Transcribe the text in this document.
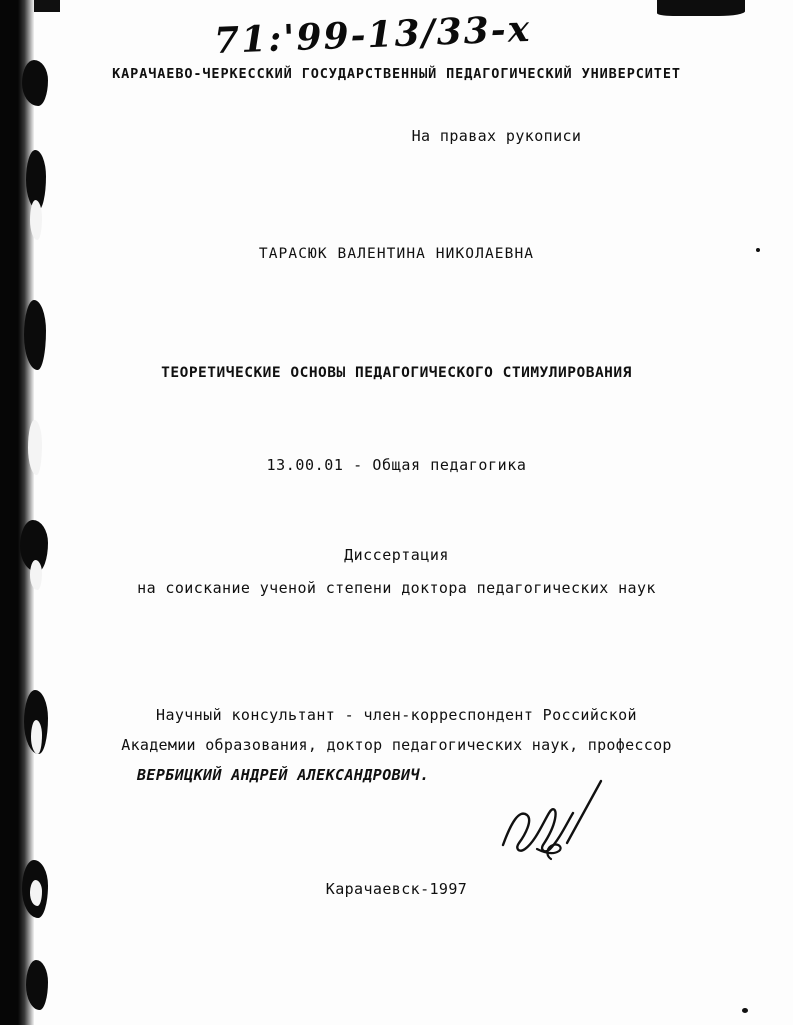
71:'99-13/33-x
КАРАЧАЕВО-ЧЕРКЕССКИЙ ГОСУДАРСТВЕННЫЙ ПЕДАГОГИЧЕСКИЙ УНИВЕРСИТЕТ
На правах рукописи
ТАРАСЮК ВАЛЕНТИНА НИКОЛАЕВНА
ТЕОРЕТИЧЕСКИЕ ОСНОВЫ ПЕДАГОГИЧЕСКОГО СТИМУЛИРОВАНИЯ
13.00.01 - Общая педагогика
Диссертация
на соискание ученой степени доктора педагогических наук
Научный консультант - член-корреспондент Российской
Академии образования, доктор педагогических наук, профессор
ВЕРБИЦКИЙ АНДРЕЙ АЛЕКСАНДРОВИЧ.
Карачаевск-1997
